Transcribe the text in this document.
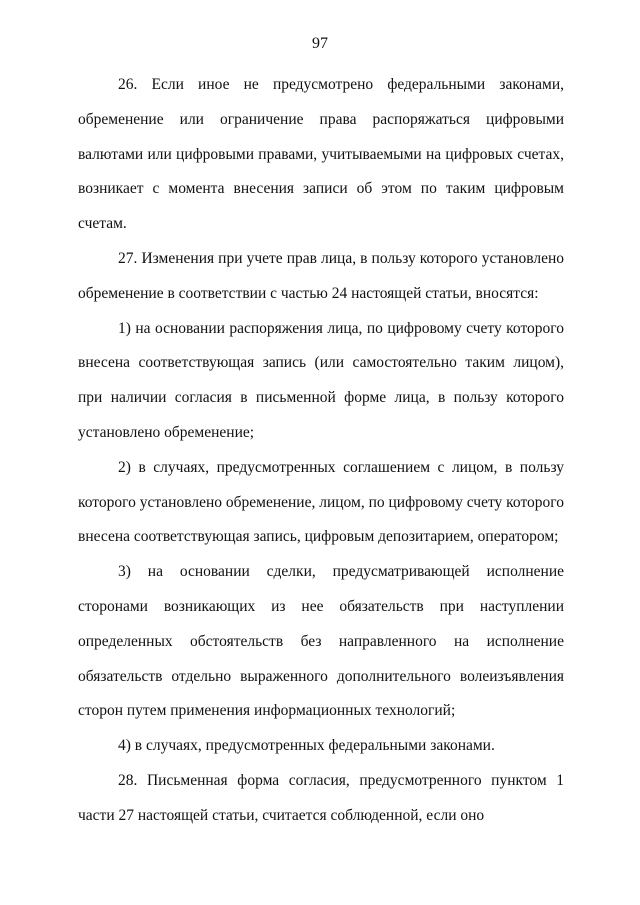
97

26. Если иное не предусмотрено федеральными законами, обременение или ограничение права распоряжаться цифровыми валютами или цифровыми правами, учитываемыми на цифровых счетах, возникает с момента внесения записи об этом по таким цифровым счетам.

27. Изменения при учете прав лица, в пользу которого установлено обременение в соответствии с частью 24 настоящей статьи, вносятся:

1) на основании распоряжения лица, по цифровому счету которого внесена соответствующая запись (или самостоятельно таким лицом), при наличии согласия в письменной форме лица, в пользу которого установлено обременение;

2) в случаях, предусмотренных соглашением с лицом, в пользу которого установлено обременение, лицом, по цифровому счету которого внесена соответствующая запись, цифровым депозитарием, оператором;

3) на основании сделки, предусматривающей исполнение сторонами возникающих из нее обязательств при наступлении определенных обстоятельств без направленного на исполнение обязательств отдельно выраженного дополнительного волеизъявления сторон путем применения информационных технологий;

4) в случаях, предусмотренных федеральными законами.

28. Письменная форма согласия, предусмотренного пунктом 1 части 27 настоящей статьи, считается соблюденной, если оно
